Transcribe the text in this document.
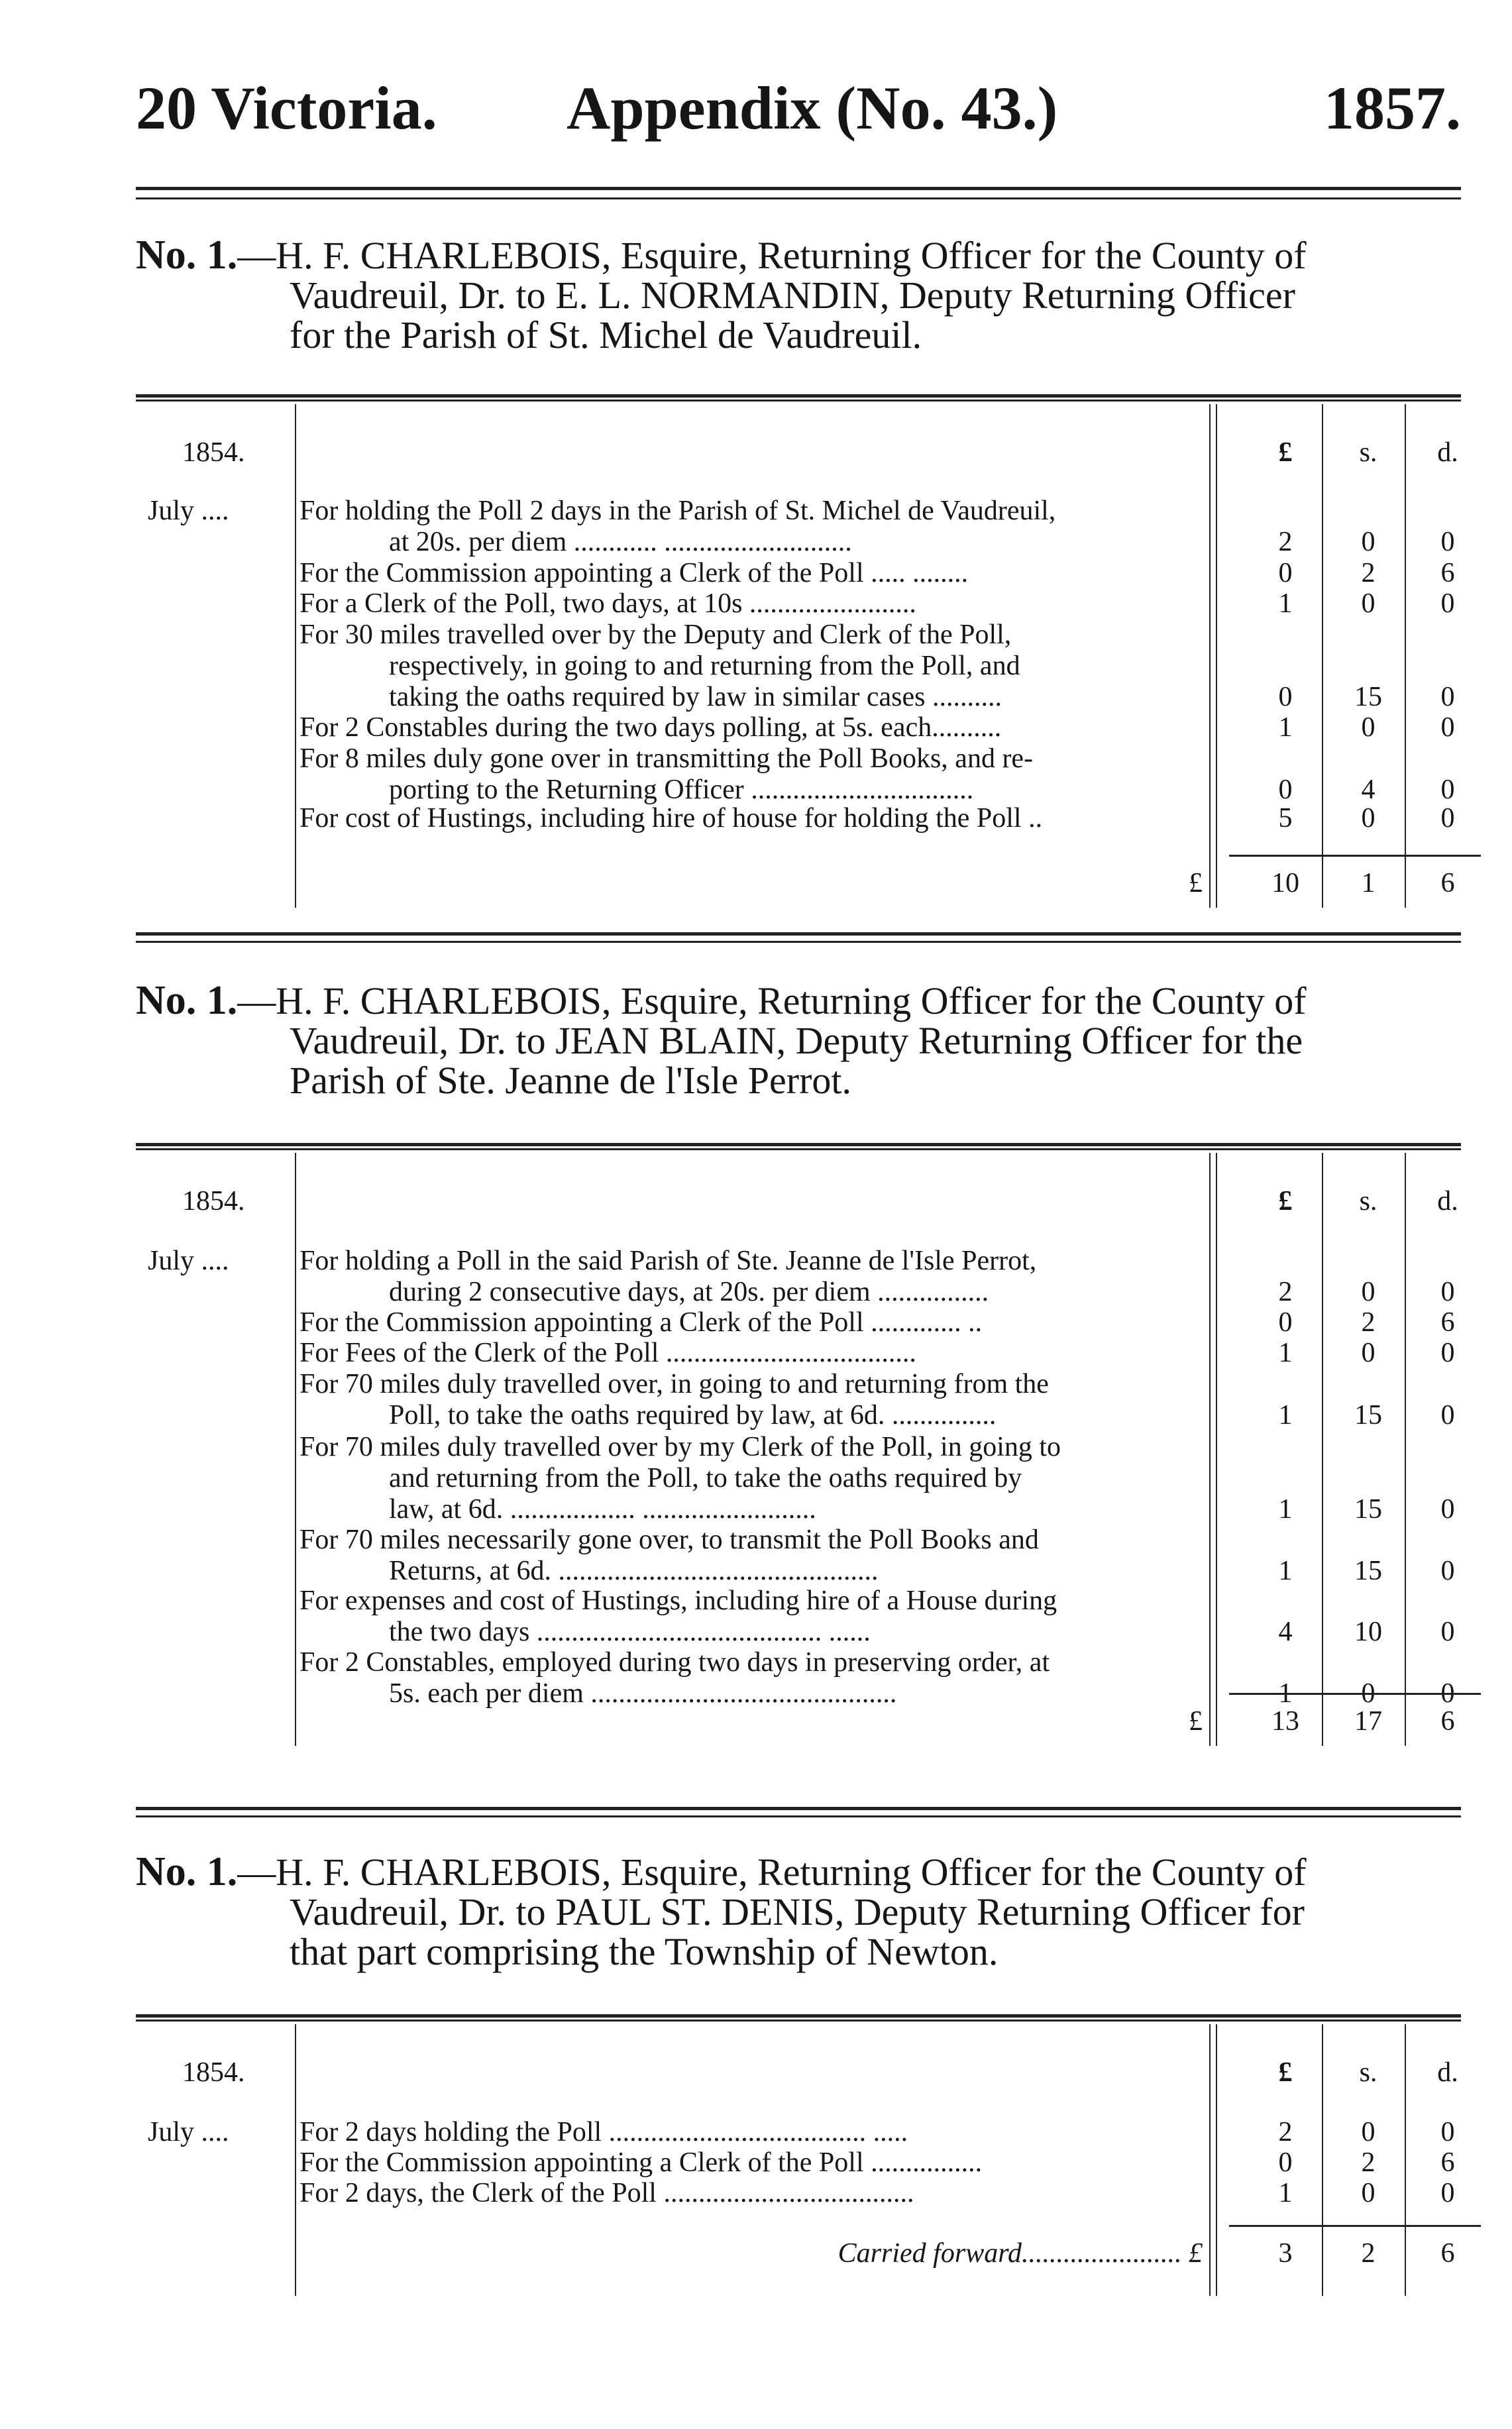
20 Victoria. Appendix (No. 43.)	1857.
No. 1.—H. F. CHARLEBOIS, Esquire, Returning Officer for the County of
Vaudreuil, Dr. to E. L. NORMANDIN, Deputy Returning Officer
for the Parish of St. Michel de Vaudreuil.
1854.	£	s.	d.
July ....	For holding the Poll 2 days in the Parish of St. Michel de Vaudreuil,
at 20s. per diem ............ ...........................	2	0	0
For the Commission appointing a Clerk of the Poll ..... ........	0	2	6
For a Clerk of the Poll, two days, at 10s ........................	1	0	0
For 30 miles travelled over by the Deputy and Clerk of the Poll,
respectively, in going to and returning from the Poll, and
taking the oaths required by law in similar cases ..........	0	15	0
For 2 Constables during the two days polling, at 5s. each..........	1	0	0
For 8 miles duly gone over in transmitting the Poll Books, and re-
porting to the Returning Officer ................................	0	4	0
For cost of Hustings, including hire of house for holding the Poll ..	5	0	0
£ 10	1	6
No. 1.—H. F. CHARLEBOIS, Esquire, Returning Officer for the County of
Vaudreuil, Dr. to JEAN BLAIN, Deputy Returning Officer for the
Parish of Ste. Jeanne de l'Isle Perrot.
1854.	£	s.	d.
July ....	For holding a Poll in the said Parish of Ste. Jeanne de l'Isle Perrot,
during 2 consecutive days, at 20s. per diem ................	2	0	0
For the Commission appointing a Clerk of the Poll ............. ..	0	2	6
For Fees of the Clerk of the Poll ....................................	1	0	0
For 70 miles duly travelled over, in going to and returning from the
Poll, to take the oaths required by law, at 6d. ...............	1	15	0
For 70 miles duly travelled over by my Clerk of the Poll, in going to
and returning from the Poll, to take the oaths required by
law, at 6d. .................. .........................	1	15	0
For 70 miles necessarily gone over, to transmit the Poll Books and
Returns, at 6d. ..............................................	1	15	0
For expenses and cost of Hustings, including hire of a House during
the two days ......................................... ......	4	10	0
For 2 Constables, employed during two days in preserving order, at
5s. each per diem ............................................	1	0	0
£ 13 17	6
No. 1.—H. F. CHARLEBOIS, Esquire, Returning Officer for the County of
Vaudreuil, Dr. to PAUL ST. DENIS, Deputy Returning Officer for
that part comprising the Township of Newton.
1854.	£	s.	d.
July ....	For 2 days holding the Poll ..................................... .....	2	0	0
For the Commission appointing a Clerk of the Poll ................	0	2	6
For 2 days, the Clerk of the Poll ....................................	1	0	0
Carried forward....................... £	3	2	6
